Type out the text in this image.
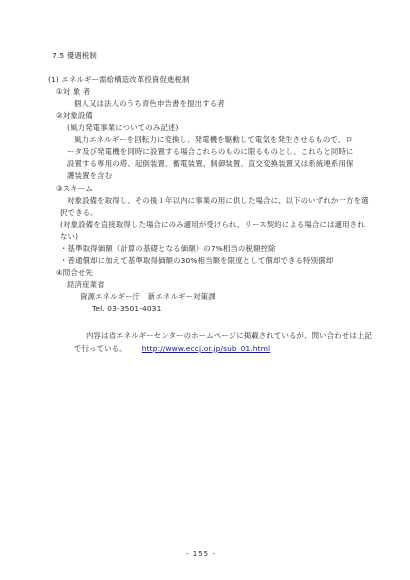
7.5 優遇税制
(1) エネルギー需給構造改革投資促進税制
①対 象 者
個人又は法人のうち青色申告書を提出する者
②対象設備
(風力発電事業についてのみ記述)
風力エネルギーを回転力に変換し、発電機を駆動して電気を発生させるもので、ロ
ータ及び発電機を同時に設置する場合これらのものに限るものとし、これらと同時に
設置する専用の塔、起倒装置、蓄電装置、制御装置、直交変換装置又は系統連系用保
護装置を含む
③スキーム
対象設備を取得し、その後１年以内に事業の用に供した場合に、以下のいずれか一方を選
択できる。
(対象設備を直接取得した場合にのみ適用が受けられ、リース契約による場合には適用され
ない)
・基準取得価額（計算の基礎となる価額）の7%相当の税額控除
・普通償却に加えて基準取得価額の30%相当額を限度として償却できる特別償却
④問合せ先
経済産業省
資源エネルギー庁　新エネルギー対策課
Tel. 03-3501-4031
内容は省エネルギーセンターのホームページに掲載されているが、問い合わせは上記
で行っている。 http://www.eccj.or.jp/sub_01.html
- 155 -
